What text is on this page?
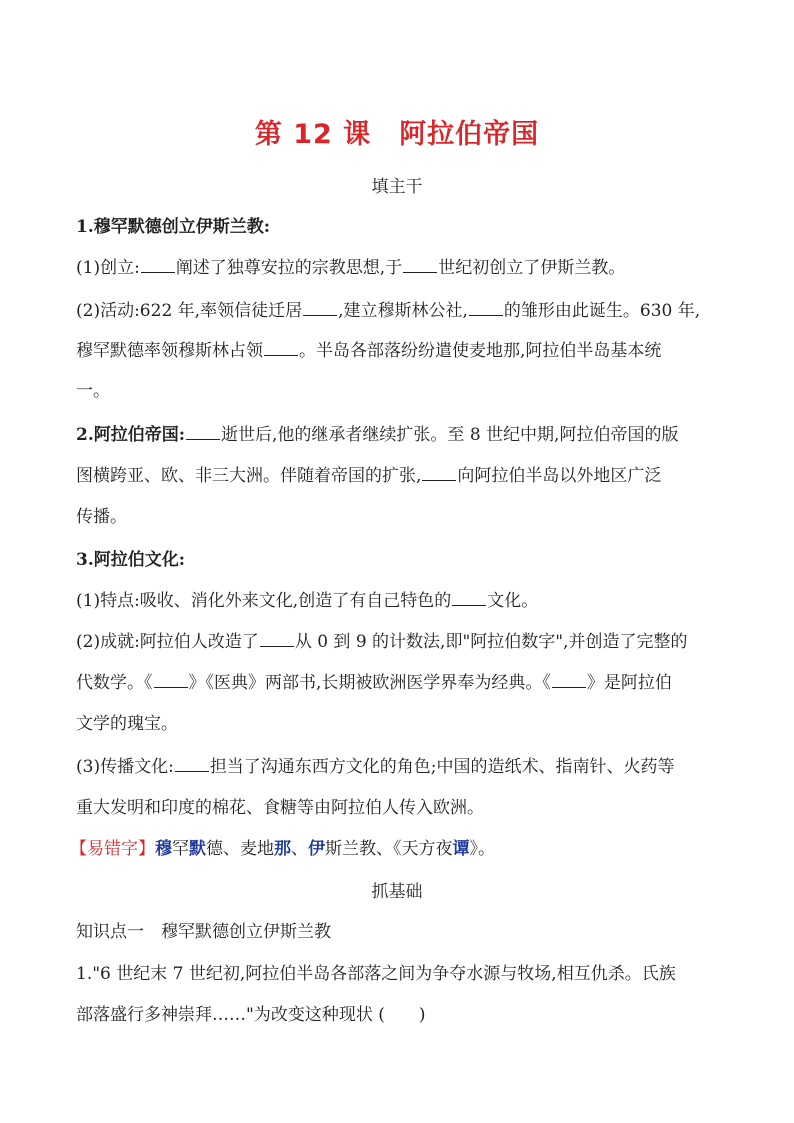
第 12 课 阿拉伯帝国
填主干
1.穆罕默德创立伊斯兰教:
(1)创立: 阐述了独尊安拉的宗教思想,于 世纪初创立了伊斯兰教。
(2)活动:622 年,率领信徒迁居 ,建立穆斯林公社, 的雏形由此诞生。630 年,
穆罕默德率领穆斯林占领 。半岛各部落纷纷遣使麦地那,阿拉伯半岛基本统
一。
2.阿拉伯帝国: 逝世后,他的继承者继续扩张。至 8 世纪中期,阿拉伯帝国的版
图横跨亚、欧、非三大洲。伴随着帝国的扩张, 向阿拉伯半岛以外地区广泛
传播。
3.阿拉伯文化:
(1)特点:吸收、消化外来文化,创造了有自己特色的 文化。
(2)成就:阿拉伯人改造了 从 0 到 9 的计数法,即"阿拉伯数字",并创造了完整的
代数学。《 》《医典》两部书,长期被欧洲医学界奉为经典。《 》是阿拉伯
文学的瑰宝。
(3)传播文化: 担当了沟通东西方文化的角色;中国的造纸术、指南针、火药等
重大发明和印度的棉花、食糖等由阿拉伯人传入欧洲。
【易错字】穆罕默德、麦地那、伊斯兰教、《天方夜谭》。
抓基础
知识点一　穆罕默德创立伊斯兰教
1."6 世纪末 7 世纪初,阿拉伯半岛各部落之间为争夺水源与牧场,相互仇杀。氏族
部落盛行多神崇拜……"为改变这种现状 (　　)
